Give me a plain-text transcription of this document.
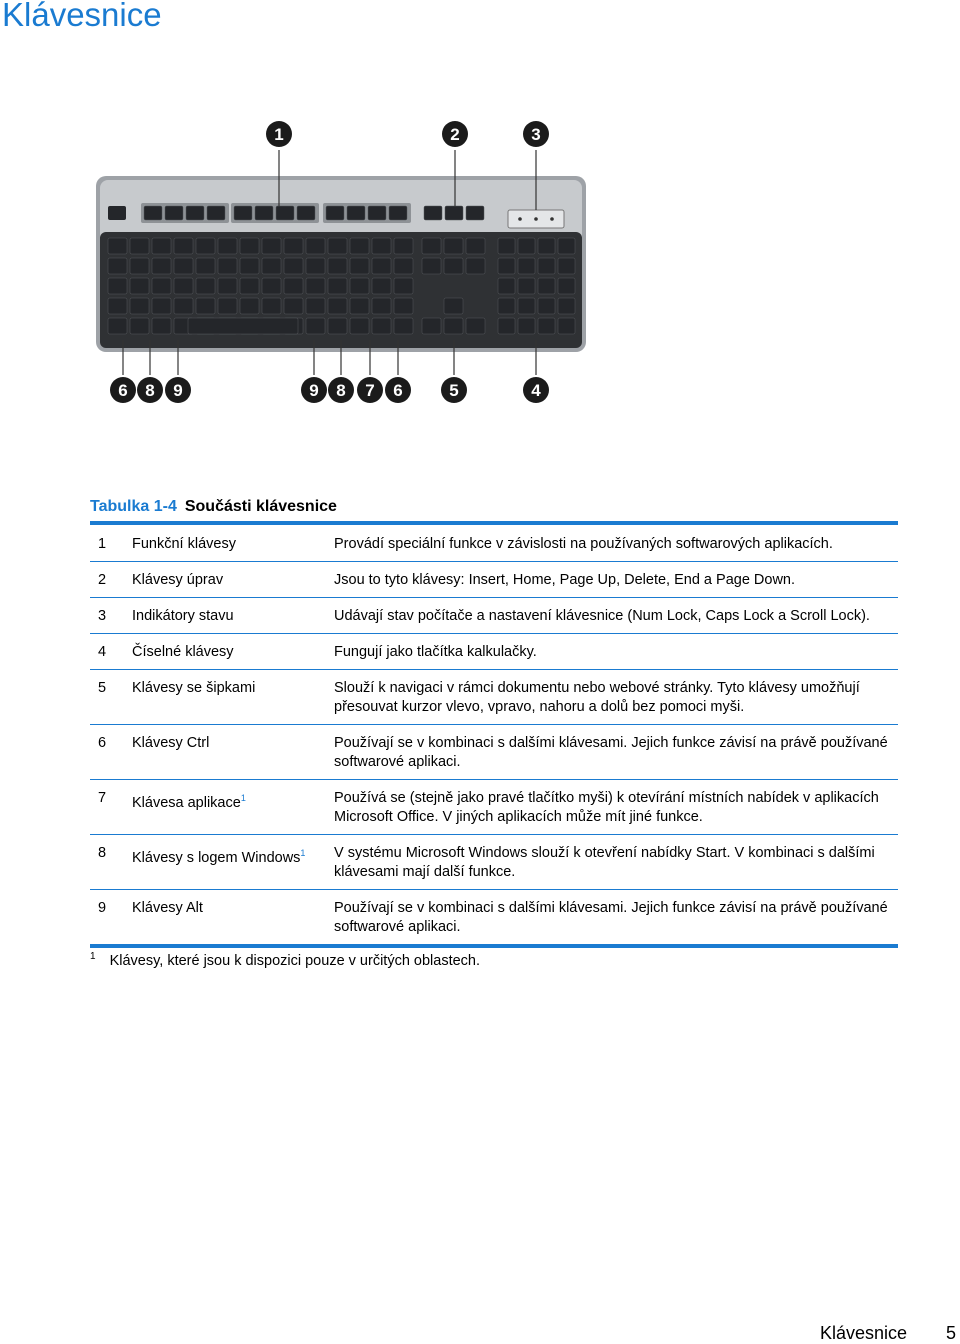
Klávesnice
1	2	3
6 8 9	9 8 7 6	5	4
Tabulka 1-4 Součásti klávesnice
1	Funkční klávesy	Provádí speciální funkce v závislosti na používaných softwarových aplikacích.
2	Klávesy úprav	Jsou to tyto klávesy: Insert, Home, Page Up, Delete, End a Page Down.
3	Indikátory stavu	Udávají stav počítače a nastavení klávesnice (Num Lock, Caps Lock a Scroll Lock).
4	Číselné klávesy	Fungují jako tlačítka kalkulačky.
5	Klávesy se šipkami	Slouží k navigaci v rámci dokumentu nebo webové stránky. Tyto klávesy umožňují přesouvat kurzor vlevo, vpravo, nahoru a dolů bez pomoci myši.
6	Klávesy Ctrl	Používají se v kombinaci s dalšími klávesami. Jejich funkce závisí na právě používané softwarové aplikaci.
7	Klávesa aplikace$^1$	Používá se (stejně jako pravé tlačítko myši) k otevírání místních nabídek v aplikacích Microsoft Office. V jiných aplikacích může mít jiné funkce.
8	Klávesy s logem Windows$^1$	V systému Microsoft Windows slouží k otevření nabídky Start. V kombinaci s dalšími klávesami mají další funkce.
9	Klávesy Alt	Používají se v kombinaci s dalšími klávesami. Jejich funkce závisí na právě používané softwarové aplikaci.
$^1$ Klávesy, které jsou k dispozici pouze v určitých oblastech.
Klávesnice 5
